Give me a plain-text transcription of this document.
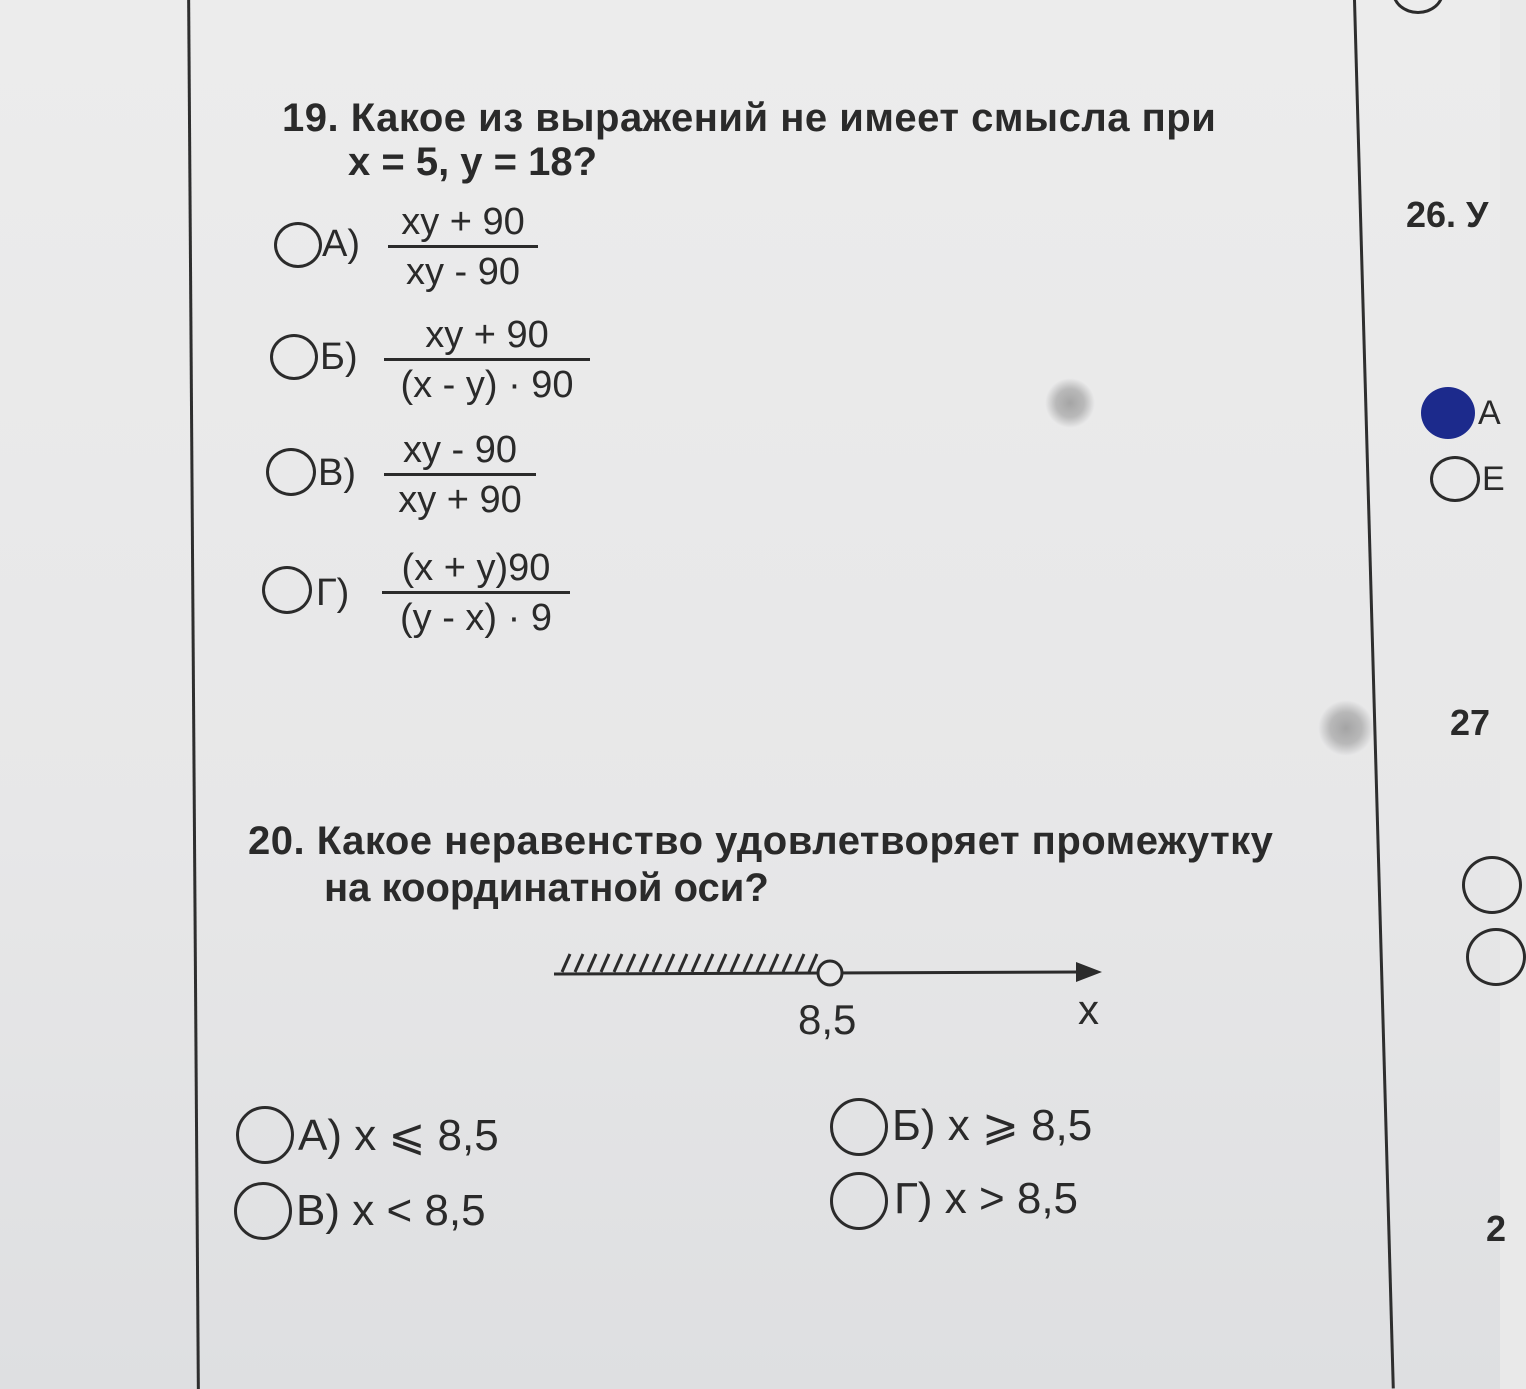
19. Какое из выражений не имеет смысла при
x = 5, y = 18?
А)
xy + 90
xy - 90
Б)
xy + 90
(x - y) · 90
В)
xy - 90
xy + 90
Г)
(x + y)90
(y - x) · 9
20. Какое неравенство удовлетворяет промежутку
на координатной оси?
8,5	x
А) x ⩽ 8,5	Б) x ⩾ 8,5
В) x < 8,5	Г) x > 8,5
26. У
А
Е
27
2
